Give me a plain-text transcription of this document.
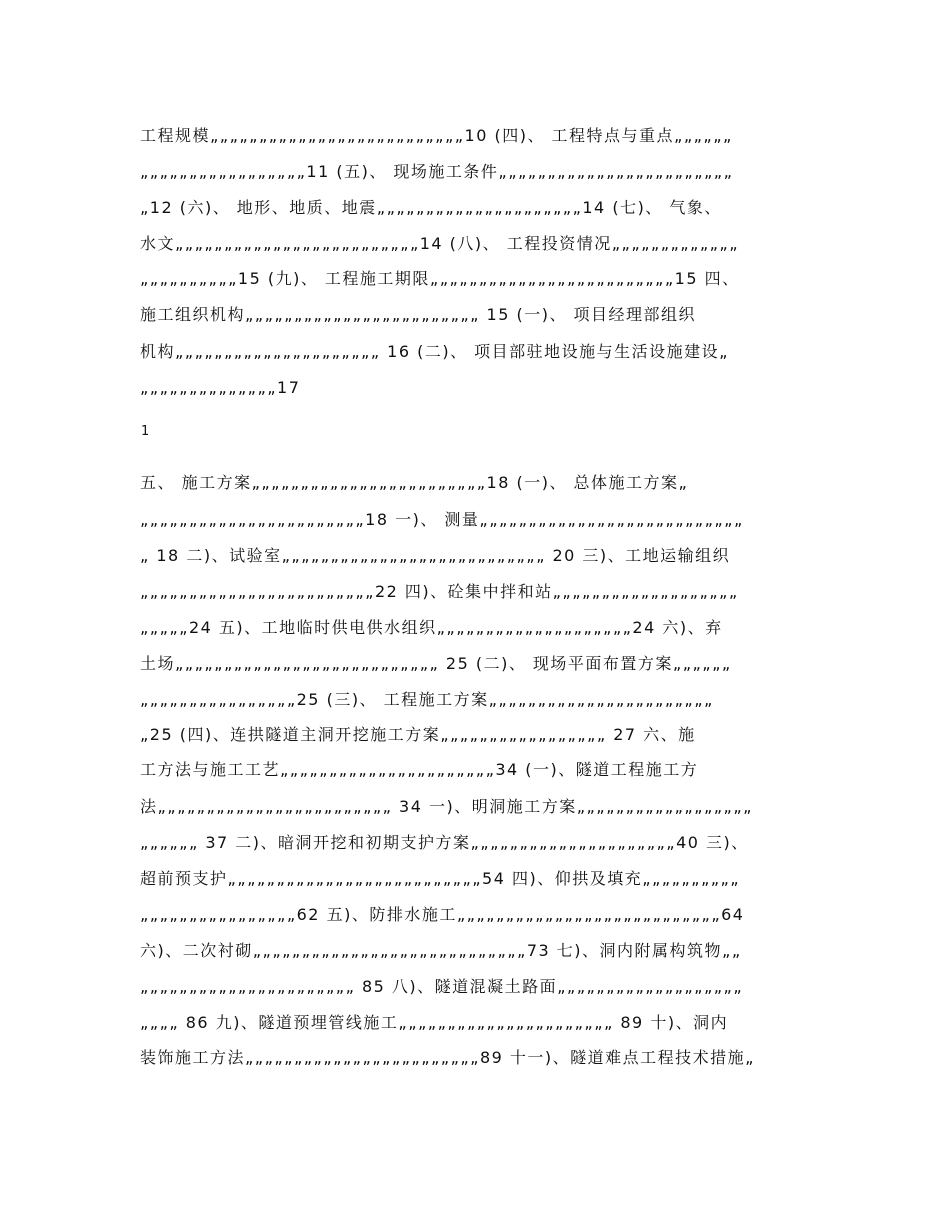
工程规模„„„„„„„„„„„„„„„„„„„„„„„„„„10 (四)、 工程特点与重点„„„„„„
„„„„„„„„„„„„„„„„„11 (五)、 现场施工条件„„„„„„„„„„„„„„„„„„„„„„„„
„12 (六)、 地形、地质、地震„„„„„„„„„„„„„„„„„„„„„14 (七)、 气象、
水文„„„„„„„„„„„„„„„„„„„„„„„„„14 (八)、 工程投资情况„„„„„„„„„„„„„
„„„„„„„„„„15 (九)、 工程施工期限„„„„„„„„„„„„„„„„„„„„„„„„„15 四、
施工组织机构„„„„„„„„„„„„„„„„„„„„„„„„ 15 (一)、 项目经理部组织
机构„„„„„„„„„„„„„„„„„„„„„ 16 (二)、 项目部驻地设施与生活设施建设„
„„„„„„„„„„„„„„17
1
五、 施工方案„„„„„„„„„„„„„„„„„„„„„„„„18 (一)、 总体施工方案„
„„„„„„„„„„„„„„„„„„„„„„„18 一)、 测量„„„„„„„„„„„„„„„„„„„„„„„„„„„
„ 18 二)、试验室„„„„„„„„„„„„„„„„„„„„„„„„„„„ 20 三)、工地运输组织
„„„„„„„„„„„„„„„„„„„„„„„„22 四)、砼集中拌和站„„„„„„„„„„„„„„„„„„„
„„„„„24 五)、工地临时供电供水组织„„„„„„„„„„„„„„„„„„„„24 六)、弃
土场„„„„„„„„„„„„„„„„„„„„„„„„„„„ 25 (二)、 现场平面布置方案„„„„„„
„„„„„„„„„„„„„„„„25 (三)、 工程施工方案„„„„„„„„„„„„„„„„„„„„„„„
„25 (四)、连拱隧道主洞开挖施工方案„„„„„„„„„„„„„„„„„ 27 六、施
工方法与施工工艺„„„„„„„„„„„„„„„„„„„„„„34 (一)、隧道工程施工方
法„„„„„„„„„„„„„„„„„„„„„„„„ 34 一)、明洞施工方案„„„„„„„„„„„„„„„„„„
„„„„„„ 37 二)、暗洞开挖和初期支护方案„„„„„„„„„„„„„„„„„„„„„40 三)、
超前预支护„„„„„„„„„„„„„„„„„„„„„„„„„„54 四)、仰拱及填充„„„„„„„„„„
„„„„„„„„„„„„„„„„62 五)、防排水施工„„„„„„„„„„„„„„„„„„„„„„„„„„„64
六)、二次衬砌„„„„„„„„„„„„„„„„„„„„„„„„„„„„73 七)、洞内附属构筑物„„
„„„„„„„„„„„„„„„„„„„„„„ 85 八)、隧道混凝土路面„„„„„„„„„„„„„„„„„„„
„„„„ 86 九)、隧道预埋管线施工„„„„„„„„„„„„„„„„„„„„„„ 89 十)、洞内
装饰施工方法„„„„„„„„„„„„„„„„„„„„„„„„89 十一)、隧道难点工程技术措施„
